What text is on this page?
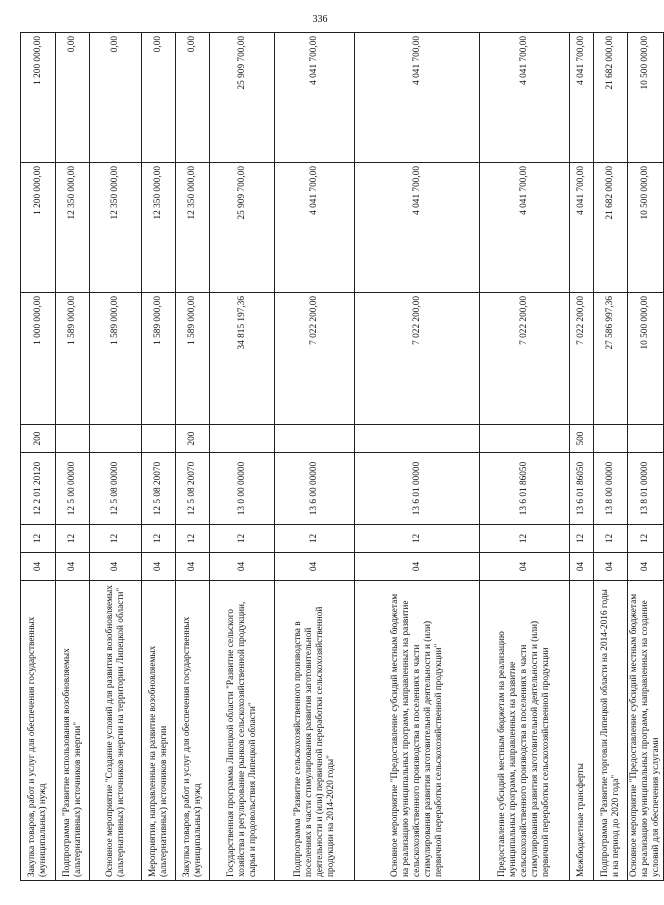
336
Закупка товаров, работ и услуг для обеспечения государственных (муниципальных) нужд	04	12	12 2 01 20120	200	1 000 000,00	1 200 000,00	1 200 000,00
Подпрограмма "Развитие использования возобновляемых (альтернативных) источников энергии"	04	12	12 5 00 00000		1 589 000,00	12 350 000,00	0,00
Основное мероприятие "Создание условий для развития возобновляемых (альтернативных) источников энергии на территории Липецкой области"	04	12	12 5 08 00000		1 589 000,00	12 350 000,00	0,00
Мероприятия, направленные на развитие возобновляемых (альтернативных) источников энергии	04	12	12 5 08 20070		1 589 000,00	12 350 000,00	0,00
Закупка товаров, работ и услуг для обеспечения государственных (муниципальных) нужд	04	12	12 5 08 20070	200	1 589 000,00	12 350 000,00	0,00
Государственная программа Липецкой области "Развитие сельского хозяйства и регулирование рынков сельскохозяйственной продукции, сырья и продовольствия Липецкой области"	04	12	13 0 00 00000		34 815 197,36	25 909 700,00	25 909 700,00
Подпрограмма "Развитие сельскохозяйственного производства в поселениях в части стимулирования развития заготовительной деятельности и (или) первичной переработки сельскохозяйственной продукции на 2014-2020 годы"	04	12	13 6 00 00000		7 022 200,00	4 041 700,00	4 041 700,00
Основное мероприятие "Предоставление субсидий местным бюджетам на реализацию муниципальных программ, направленных на развитие сельскохозяйственного производства в поселениях в части стимулирования развития заготовительной деятельности и (или) первичной переработки сельскохозяйственной продукции"	04	12	13 6 01 00000		7 022 200,00	4 041 700,00	4 041 700,00
Предоставление субсидий местным бюджетам на реализацию муниципальных программ, направленных на развитие сельскохозяйственного производства в поселениях в части стимулирования развития заготовительной деятельности и (или) первичной переработки сельскохозяйственной продукции	04	12	13 6 01 86050		7 022 200,00	4 041 700,00	4 041 700,00
Межбюджетные трансферты	04	12	13 6 01 86050	500	7 022 200,00	4 041 700,00	4 041 700,00
Подпрограмма "Развитие торговли Липецкой области на 2014-2016 годы и на период до 2020 года"	04	12	13 8 00 00000		27 586 997,36	21 682 000,00	21 682 000,00
Основное мероприятие "Предоставление субсидий местным бюджетам на реализацию муниципальных программ, направленных на создание условий для обеспечения услугами	04	12	13 8 01 00000		10 500 000,00	10 500 000,00	10 500 000,00
